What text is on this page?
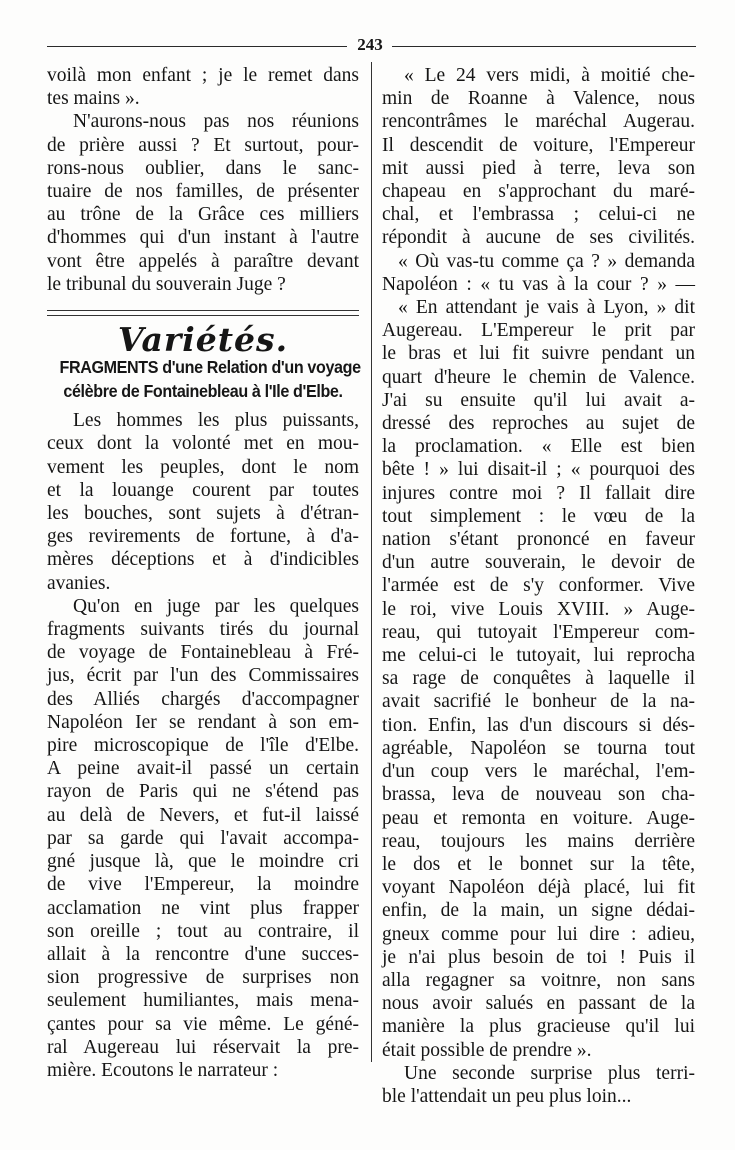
243

voilà mon enfant ; je le remet dans
tes mains ».
N'aurons-nous pas nos réunions
de prière aussi ? Et surtout, pour-
rons-nous oublier, dans le sanc-
tuaire de nos familles, de présenter
au trône de la Grâce ces milliers
d'hommes qui d'un instant à l'autre
vont être appelés à paraître devant
le tribunal du souverain Juge ?

Variétés.
FRAGMENTS d'une Relation d'un voyage
célèbre de Fontainebleau à l'Ile d'Elbe.

Les hommes les plus puissants,
ceux dont la volonté met en mou-
vement les peuples, dont le nom
et la louange courent par toutes
les bouches, sont sujets à d'étran-
ges revirements de fortune, à d'a-
mères déceptions et à d'indicibles
avanies.
Qu'on en juge par les quelques
fragments suivants tirés du journal
de voyage de Fontainebleau à Fré-
jus, écrit par l'un des Commissaires
des Alliés chargés d'accompagner
Napoléon Ier se rendant à son em-
pire microscopique de l'île d'Elbe.
A peine avait-il passé un certain
rayon de Paris qui ne s'étend pas
au delà de Nevers, et fut-il laissé
par sa garde qui l'avait accompa-
gné jusque là, que le moindre cri
de vive l'Empereur, la moindre
acclamation ne vint plus frapper
son oreille ; tout au contraire, il
allait à la rencontre d'une succes-
sion progressive de surprises non
seulement humiliantes, mais mena-
çantes pour sa vie même. Le géné-
ral Augereau lui réservait la pre-
mière. Ecoutons le narrateur :

« Le 24 vers midi, à moitié che-
min de Roanne à Valence, nous
rencontrâmes le maréchal Augerau.
Il descendit de voiture, l'Empereur
mit aussi pied à terre, leva son
chapeau en s'approchant du maré-
chal, et l'embrassa ; celui-ci ne
répondit à aucune de ses civilités.
« Où vas-tu comme ça ? » demanda
Napoléon : « tu vas à la cour ? » —
« En attendant je vais à Lyon, » dit
Augereau. L'Empereur le prit par
le bras et lui fit suivre pendant un
quart d'heure le chemin de Valence.
J'ai su ensuite qu'il lui avait a-
dressé des reproches au sujet de
la proclamation. « Elle est bien
bête ! » lui disait-il ; « pourquoi des
injures contre moi ? Il fallait dire
tout simplement : le vœu de la
nation s'étant prononcé en faveur
d'un autre souverain, le devoir de
l'armée est de s'y conformer. Vive
le roi, vive Louis XVIII. » Auge-
reau, qui tutoyait l'Empereur com-
me celui-ci le tutoyait, lui reprocha
sa rage de conquêtes à laquelle il
avait sacrifié le bonheur de la na-
tion. Enfin, las d'un discours si dés-
agréable, Napoléon se tourna tout
d'un coup vers le maréchal, l'em-
brassa, leva de nouveau son cha-
peau et remonta en voiture. Auge-
reau, toujours les mains derrière
le dos et le bonnet sur la tête,
voyant Napoléon déjà placé, lui fit
enfin, de la main, un signe dédai-
gneux comme pour lui dire : adieu,
je n'ai plus besoin de toi ! Puis il
alla regagner sa voitnre, non sans
nous avoir salués en passant de la
manière la plus gracieuse qu'il lui
était possible de prendre ».
Une seconde surprise plus terri-
ble l'attendait un peu plus loin...
